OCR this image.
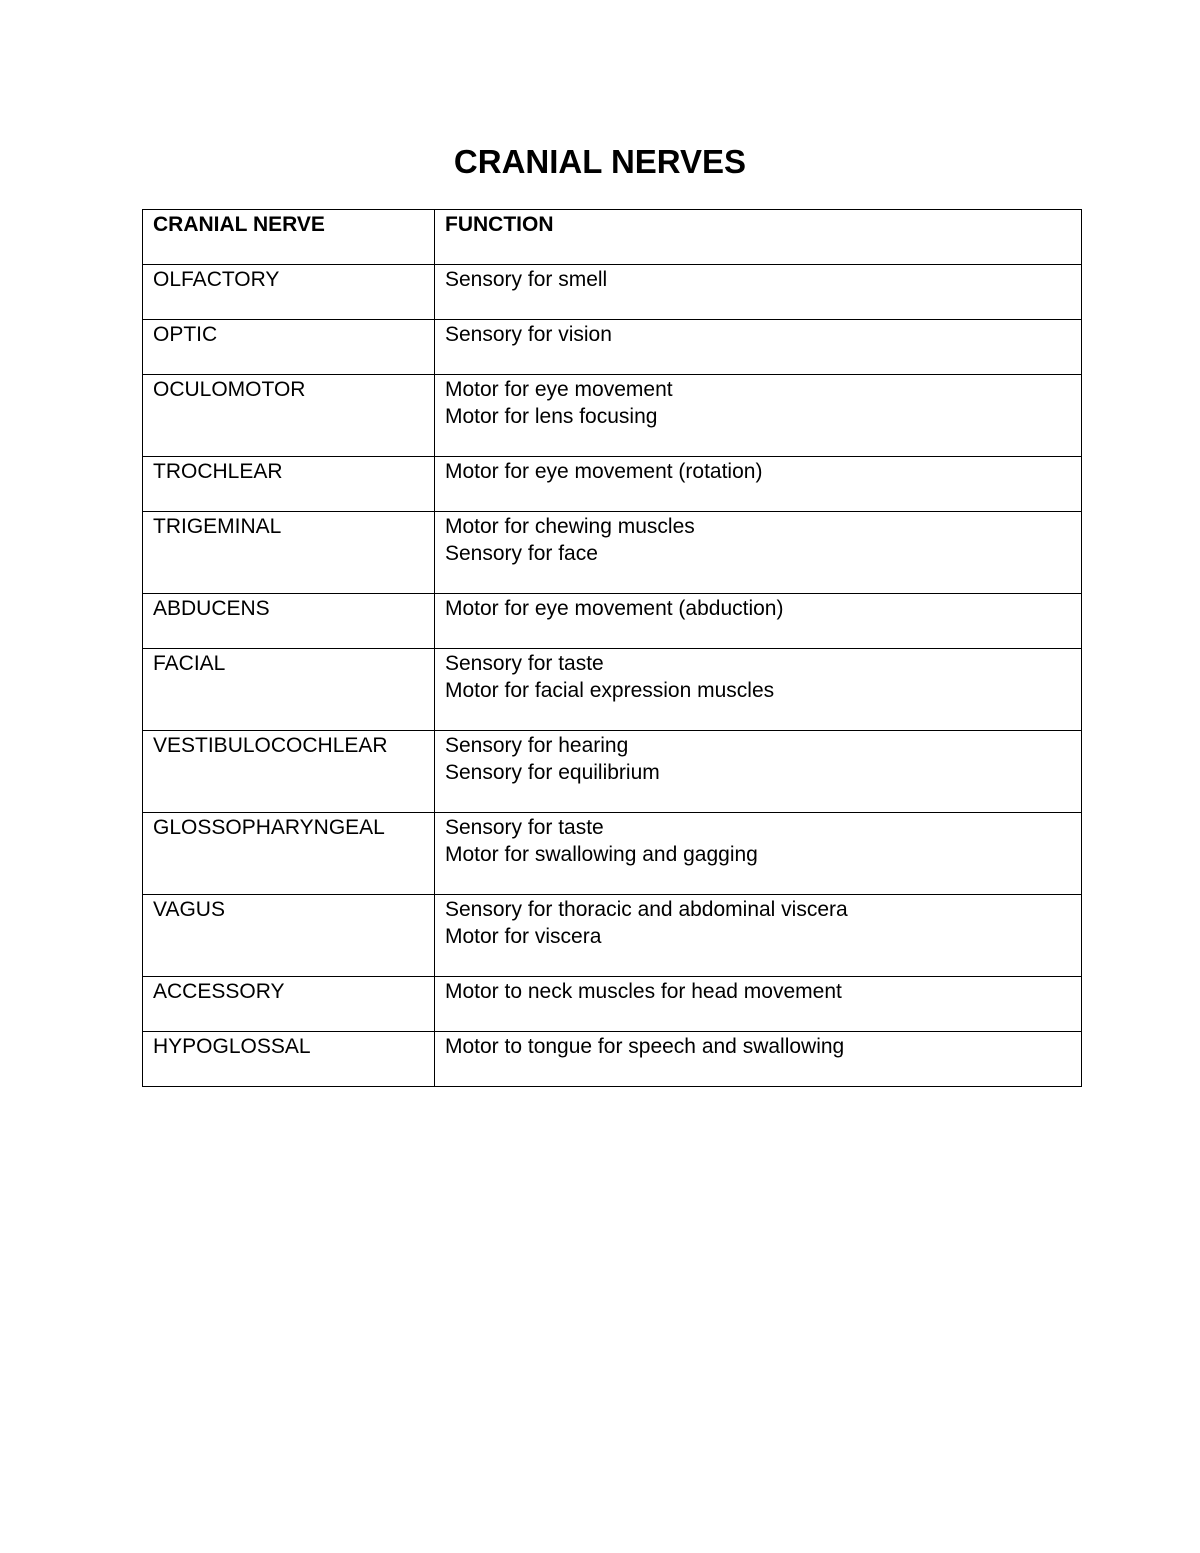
CRANIAL NERVES
CRANIAL NERVE	FUNCTION
OLFACTORY	Sensory for smell

OPTIC	Sensory for vision

OCULOMOTOR	Motor for eye movement
Motor for lens focusing

TROCHLEAR	Motor for eye movement (rotation)

TRIGEMINAL	Motor for chewing muscles
Sensory for face

ABDUCENS	Motor for eye movement (abduction)

FACIAL	Sensory for taste
Motor for facial expression muscles

VESTIBULOCOCHLEAR	Sensory for hearing
Sensory for equilibrium

GLOSSOPHARYNGEAL	Sensory for taste
Motor for swallowing and gagging

VAGUS	Sensory for thoracic and abdominal viscera
Motor for viscera

ACCESSORY	Motor to neck muscles for head movement

HYPOGLOSSAL	Motor to tongue for speech and swallowing
